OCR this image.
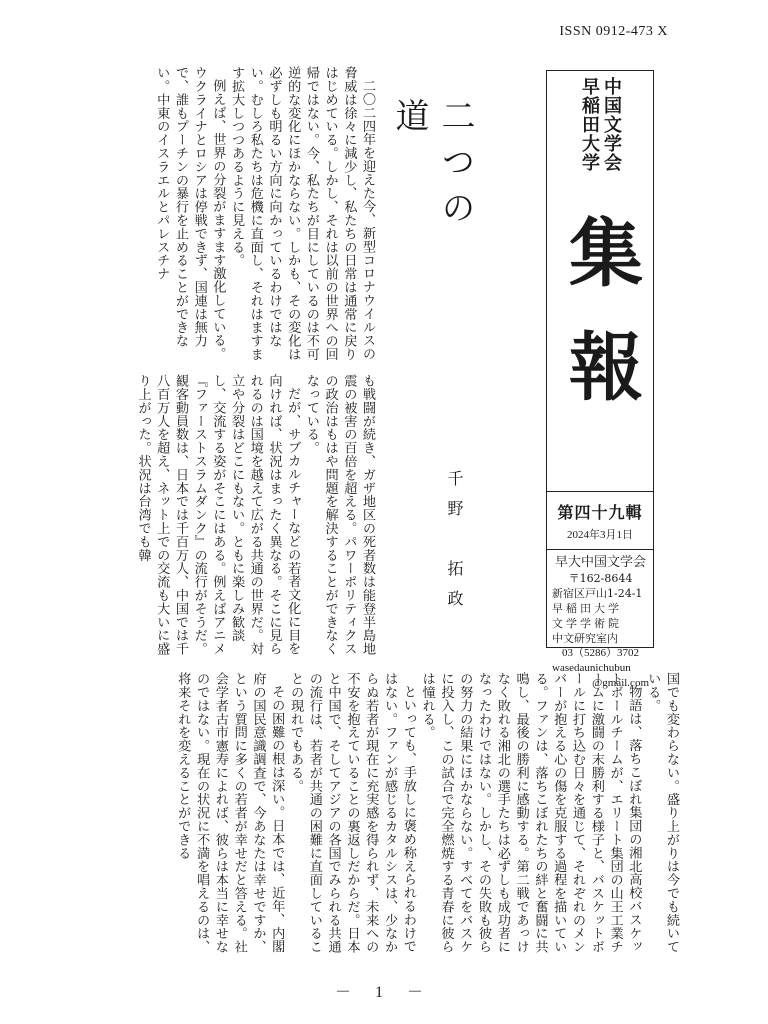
ISSN 0912-473 X
早稲田大学 中国文学会
集報
第四十九輯
2024年3月1日
早大中国文学会
〒162-8644
新宿区戸山1-24-1
早稲田大学
文学学術院
中文研究室内
03（5286）3702
wasedaunichubun
@gmail.com
二つの道
千野　拓政

二〇二四年を迎えた今、新型コロナウイルスの脅威は徐々に減少し、私たちの日常は通常に戻りはじめている。しかし、それは以前の世界への回帰ではない。今、私たちが目にしているのは不可逆的な変化にほかならない。しかも、その変化は必ずしも明るい方向に向かっているわけではない。むしろ私たちは危機に直面し、それはますます拡大しつつあるように見える。

例えば、世界の分裂がますます激化している。ウクライナとロシアは停戦できず、国連は無力で、誰もプーチンの暴行を止めることができない。中東のイスラエルとパレスチナ

も戦闘が続き、ガザ地区の死者数は能登半島地震の被害の百倍を超える。パワーポリティクスの政治はもはや問題を解決することができなくなっている。

だが、サブカルチャーなどの若者文化に目を向ければ、状況はまったく異なる。そこに見られるのは国境を越えて広がる共通の世界だ。対立や分裂はどこにもない。ともに楽しみ歓談し、交流する姿がそこにはある。例えばアニメ『ファーストスラムダンク』の流行がそうだ。観客動員数は、日本では千百万人、中国では千八百万人を超え、ネット上での交流も大いに盛り上がった。状況は台湾でも韓

国でも変わらない。盛り上がりは今でも続いている。

物語は、落ちこぼれ集団の湘北高校バスケットボールチームが、エリート集団の山王工業チームに激闘の末勝利する様子と、バスケットボールに打ち込む日々を通じて、それぞれのメンバーが抱える心の傷を克服する過程を描いている。ファンは、落ちこぼれたちの絆と奮闘に共鳴し、最後の勝利に感動する。第二戦であっけなく敗れる湘北の選手たちは必ずしも成功者になったわけではない。しかし、その失敗も彼らの努力の結果にほかならない。すべてをバスケに投入し、この試合で完全燃焼する青春に彼らは憧れる。

といっても、手放しに褒め称えられるわけではない。ファンが感じるカタルシスは、少なからぬ若者が現在に充実感を得られず、未来への不安を抱えていることの裏返しだからだ。日本と中国で、そしてアジアの各国でみられる共通の流行は、若者が共通の困難に直面していることの現れでもある。

その困難の根は深い。日本では、近年、内閣府の国民意識調査で、今あなたは幸せですか、という質問に多くの若者が幸せだと答える。社会学者古市憲寿によれば、彼らは本当に幸せなのではない。現在の状況に不満を唱えるのは、将来それを変えることができる

－ 1 －
